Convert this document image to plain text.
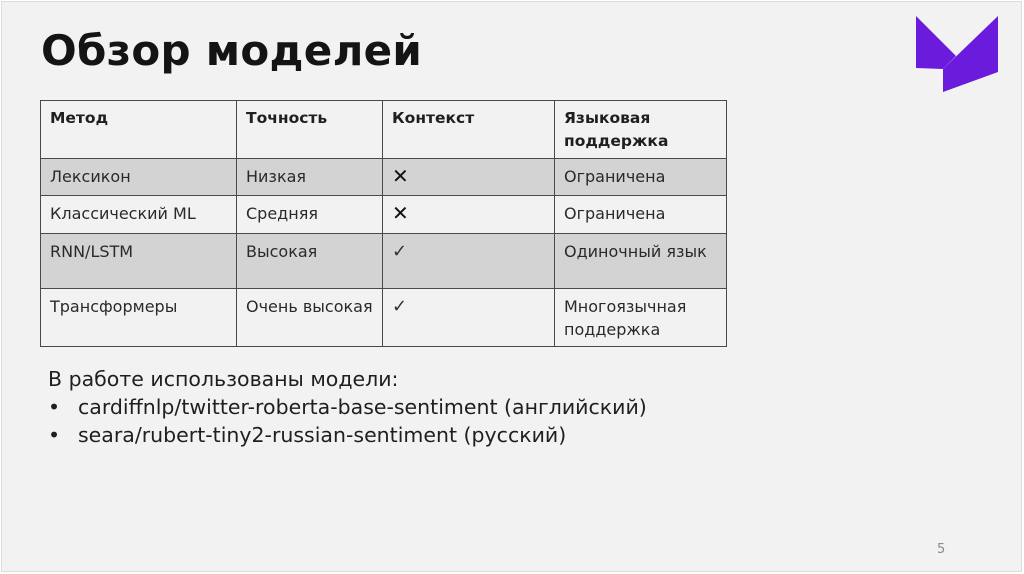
Обзор моделей
Метод	Точность	Контекст	Языковая поддержка
Лексикон	Низкая	✕	Ограничена
Классический ML	Средняя	✕	Ограничена
RNN/LSTM	Высокая	✓	Одиночный язык
Трансформеры	Очень высокая	✓	Многоязычная поддержка
В работе использованы модели:
• cardiffnlp/twitter-roberta-base-sentiment (английский)
• seara/rubert-tiny2-russian-sentiment (русский)
5
